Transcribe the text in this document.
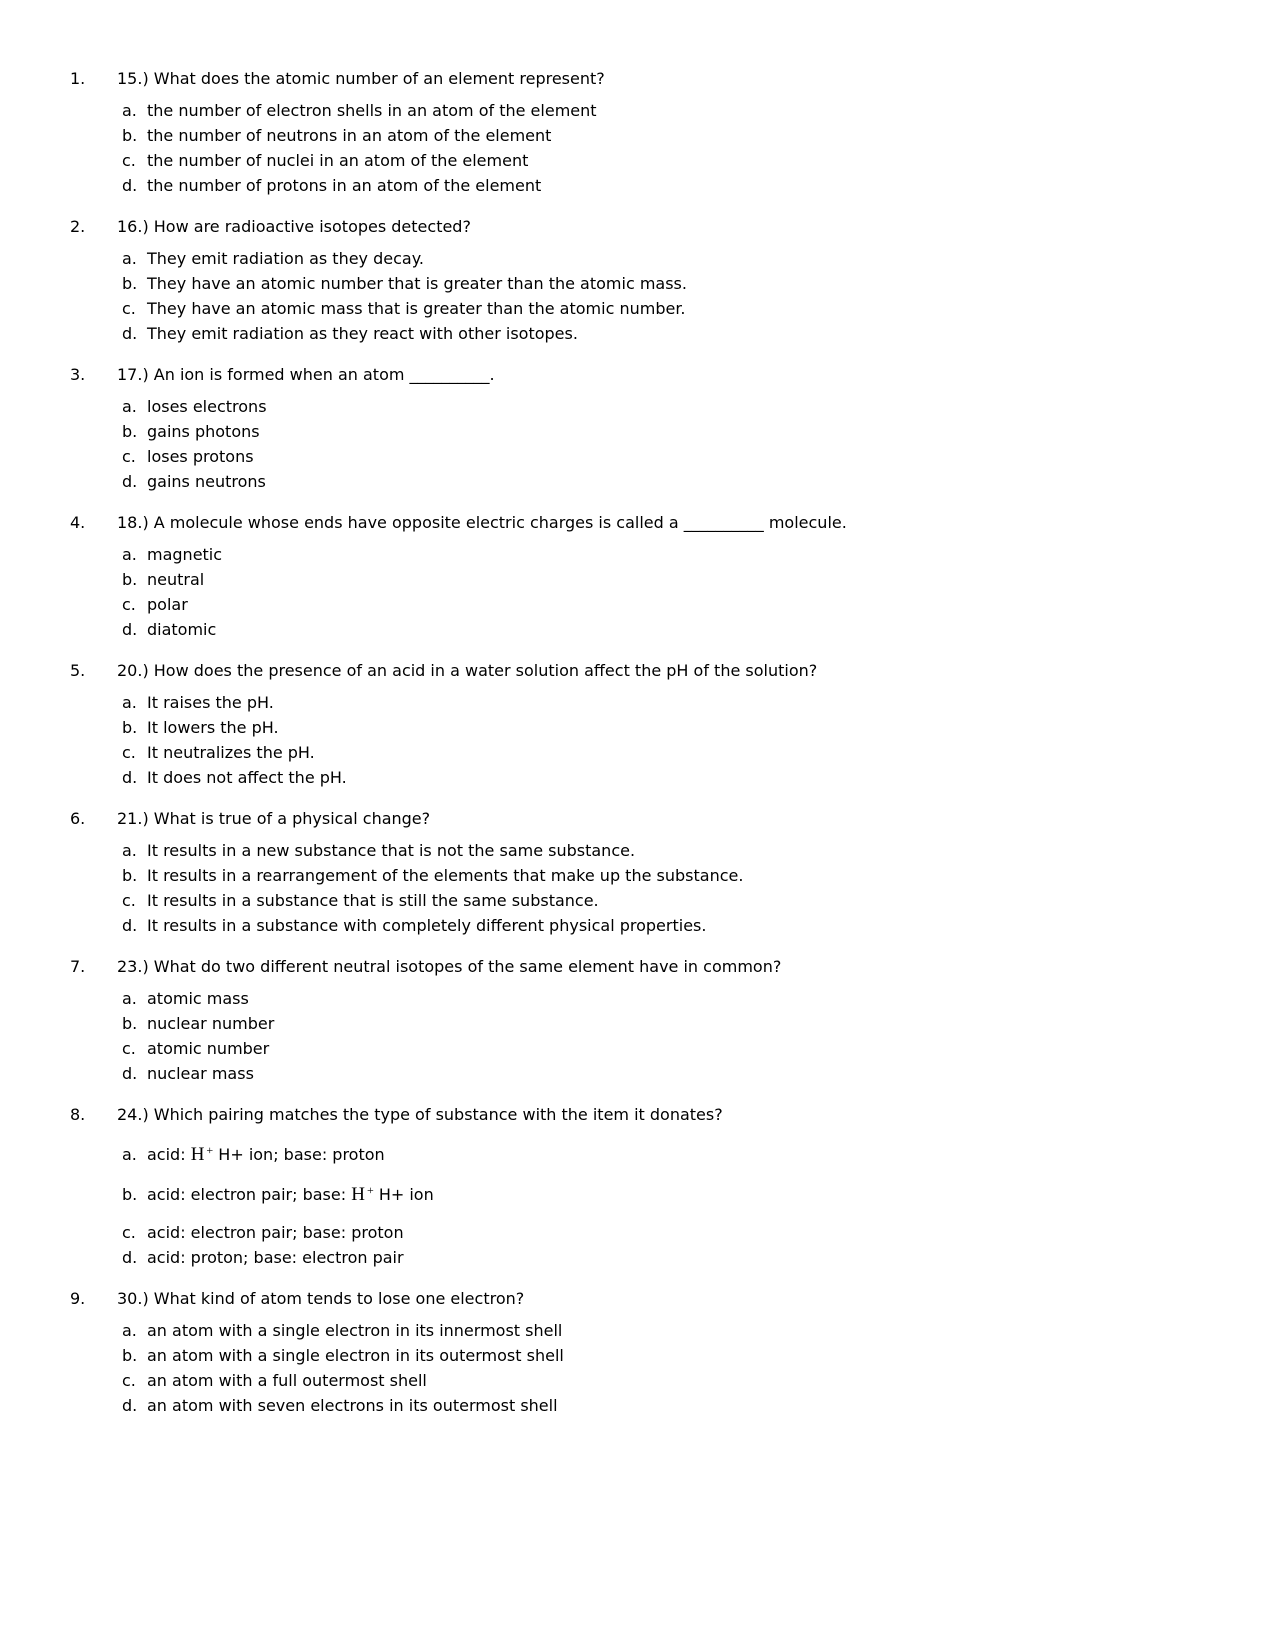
1.	15.) What does the atomic number of an element represent?
a. the number of electron shells in an atom of the element
b. the number of neutrons in an atom of the element
c. the number of nuclei in an atom of the element
d. the number of protons in an atom of the element
2.	16.) How are radioactive isotopes detected?
a. They emit radiation as they decay.
b. They have an atomic number that is greater than the atomic mass.
c. They have an atomic mass that is greater than the atomic number.
d. They emit radiation as they react with other isotopes.
3.	17.) An ion is formed when an atom __________.
a. loses electrons
b. gains photons
c. loses protons
d. gains neutrons
4.	18.) A molecule whose ends have opposite electric charges is called a __________ molecule.
a. magnetic
b. neutral
c. polar
d. diatomic
5.	20.) How does the presence of an acid in a water solution affect the pH of the solution?
a. It raises the pH.
b. It lowers the pH.
c. It neutralizes the pH.
d. It does not affect the pH.
6.	21.) What is true of a physical change?
a. It results in a new substance that is not the same substance.
b. It results in a rearrangement of the elements that make up the substance.
c. It results in a substance that is still the same substance.
d. It results in a substance with completely different physical properties.
7.	23.) What do two different neutral isotopes of the same element have in common?
a. atomic mass
b. nuclear number
c. atomic number
d. nuclear mass
8.	24.) Which pairing matches the type of substance with the item it donates?
a. acid: H + H+ ion; base: proton
b. acid: electron pair; base: H + H+ ion
c. acid: electron pair; base: proton
d. acid: proton; base: electron pair
9.	30.) What kind of atom tends to lose one electron?
a. an atom with a single electron in its innermost shell
b. an atom with a single electron in its outermost shell
c. an atom with a full outermost shell
d. an atom with seven electrons in its outermost shell
